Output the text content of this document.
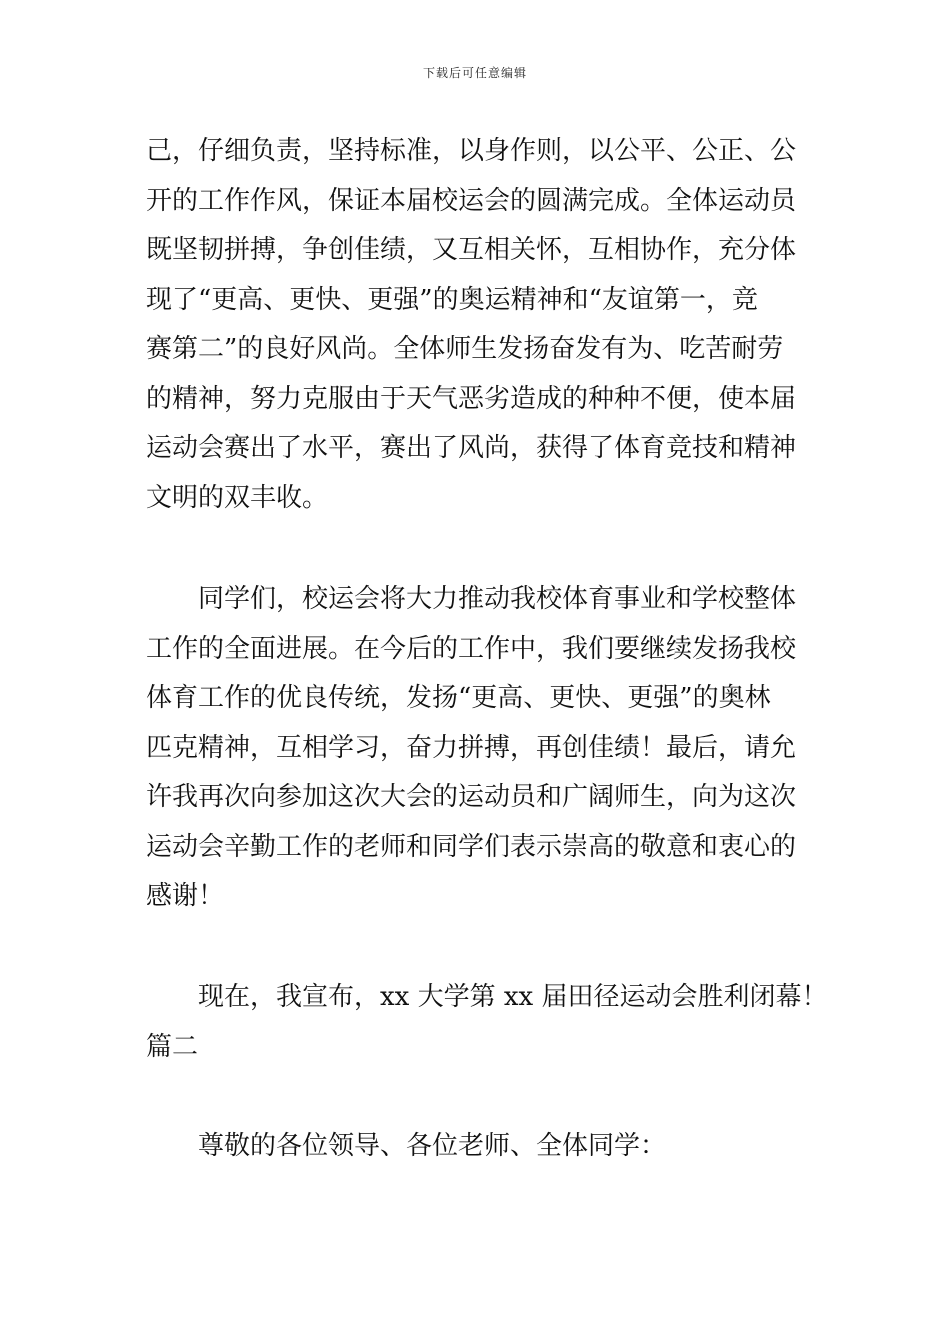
下载后可任意编辑

己，仔细负责，坚持标准，以身作则，以公平、公正、公
开的工作作风，保证本届校运会的圆满完成。全体运动员
既坚韧拼搏，争创佳绩，又互相关怀，互相协作，充分体
现了“更高、更快、更强”的奥运精神和“友谊第一，竞
赛第二”的良好风尚。全体师生发扬奋发有为、吃苦耐劳
的精神，努力克服由于天气恶劣造成的种种不便，使本届
运动会赛出了水平，赛出了风尚，获得了体育竞技和精神
文明的双丰收。

同学们，校运会将大力推动我校体育事业和学校整体
工作的全面进展。在今后的工作中，我们要继续发扬我校
体育工作的优良传统，发扬“更高、更快、更强”的奥林
匹克精神，互相学习，奋力拼搏，再创佳绩！最后，请允
许我再次向参加这次大会的运动员和广阔师生，向为这次
运动会辛勤工作的老师和同学们表示崇高的敬意和衷心的
感谢！

现在，我宣布，xx 大学第 xx 届田径运动会胜利闭幕！
篇二

尊敬的各位领导、各位老师、全体同学：
